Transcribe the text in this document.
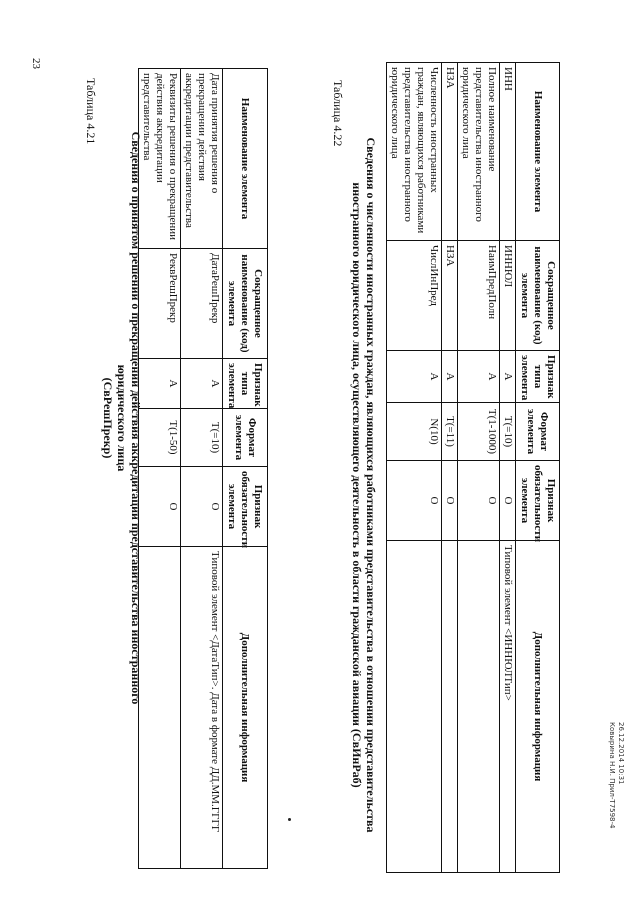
23
Таблица 4.21
Сведения о принятом решении о прекращении действия аккредитации представительства иностранного юридического лица
(СвРешПрекр)
Наименование элемента	Сокращенное наименование (код) элемента	Признак типа элемента	Формат элемента	Признак обязательности элемента	Дополнительная информация
Дата принятия решения о прекращении действия аккредитации представительства	ДатаРешПрекр	А	Т(=10)	О	Типовой элемент <ДатаТип>. Дата в формате ДД.ММ.ГГГГ
Реквизиты решения о прекращении действия аккредитации представительства	РеквРешПрекр	А	Т(1-50)	О	
Таблица 4.22
Сведения о численности иностранных граждан, являющихся работниками представительства в отношении представительства
иностранного юридического лица, осуществляющего деятельность в области гражданской авиации (СвИнРаб)
Наименование элемента	Сокращенное наименование (код) элемента	Признак типа элемента	Формат элемента	Признак обязательности элемента	Дополнительная информация
ИНН	ИННЮЛ	А	Т(=10)	О	Типовой элемент <ИННЮЛТип>
Полное наименование представительства иностранного юридического лица	НаимПредПолн	А	Т(1-1000)	О	
НЗА	НЗА	А	Т(=11)	О	
Численность иностранных граждан, являющихся работниками представительства иностранного юридического лица	ЧислИнПред	А	N(10)	О	
26.12.2014 10:31
Ковырина Н.И. Прил-Т7598-4
